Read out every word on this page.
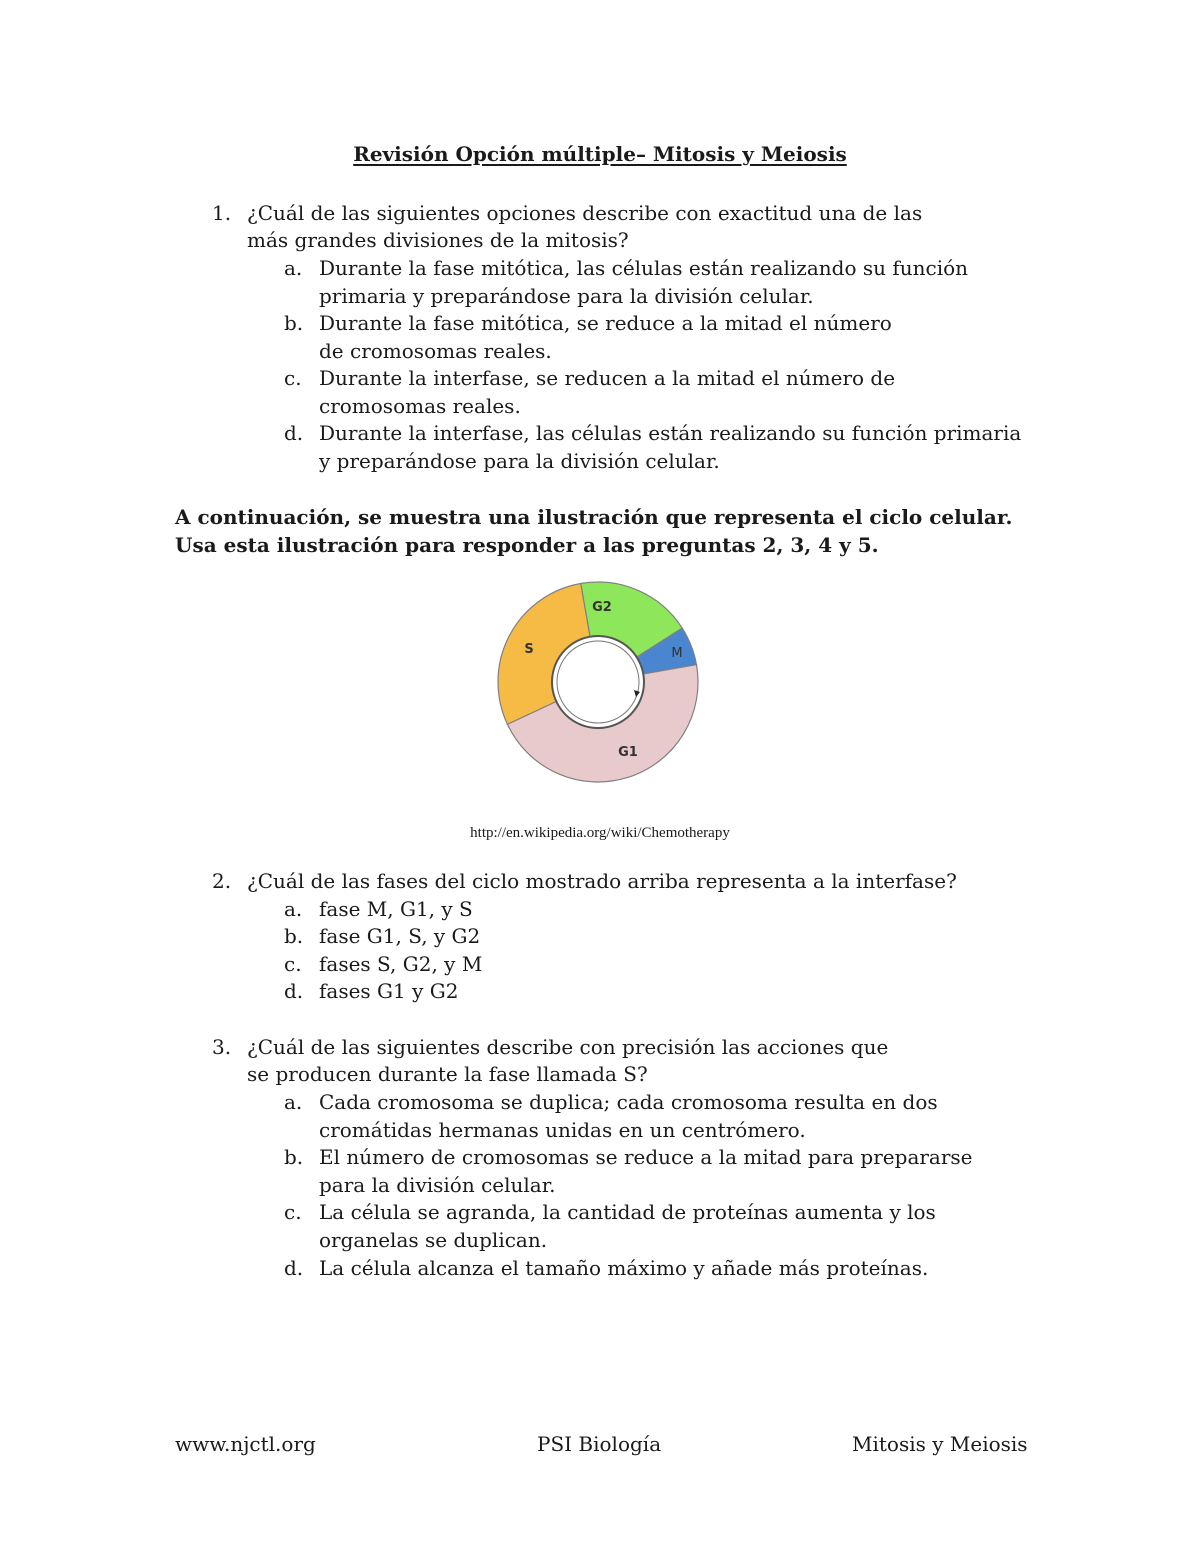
Revisión Opción múltiple– Mitosis y Meiosis
1. ¿Cuál de las siguientes opciones describe con exactitud una de las más grandes divisiones de la mitosis?
a. Durante la fase mitótica, las células están realizando su función primaria y preparándose para la división celular.
b. Durante la fase mitótica, se reduce a la mitad el número de cromosomas reales.
c. Durante la interfase, se reducen a la mitad el número de cromosomas reales.
d. Durante la interfase, las células están realizando su función primaria y preparándose para la división celular.
A continuación, se muestra una ilustración que representa el ciclo celular.
Usa esta ilustración para responder a las preguntas 2, 3, 4 y 5.
G2
M
G1
S
http://en.wikipedia.org/wiki/Chemotherapy
2. ¿Cuál de las fases del ciclo mostrado arriba representa a la interfase?
a. fase M, G1, y S
b. fase G1, S, y G2
c. fases S, G2, y M
d. fases G1 y G2
3. ¿Cuál de las siguientes describe con precisión las acciones que se producen durante la fase llamada S?
a. Cada cromosoma se duplica; cada cromosoma resulta en dos cromátidas hermanas unidas en un centrómero.
b. El número de cromosomas se reduce a la mitad para prepararse para la división celular.
c. La célula se agranda, la cantidad de proteínas aumenta y los organelas se duplican.
d. La célula alcanza el tamaño máximo y añade más proteínas.
www.njctl.org	PSI Biología	Mitosis y Meiosis
